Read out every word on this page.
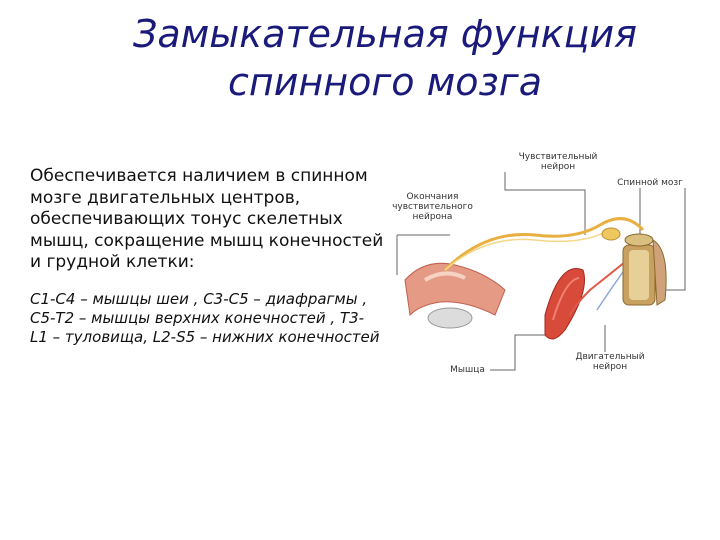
Замыкательная функция
спинного мозга

Обеспечивается наличием в спинном мозге двигательных центров, обеспечивающих тонус скелетных мышц, сокращение мышц конечностей и грудной клетки:

С1-С4 – мышцы шеи , С3-С5 – диафрагмы , С5-Т2 – мышцы верхних конечностей , Т3-L1 – туловища, L2-S5 – нижних конечностей

Чувствительный
нейрон
Спинной мозг
Окончания
чувствительного
нейрона
Мышца
Двигательный
нейрон
